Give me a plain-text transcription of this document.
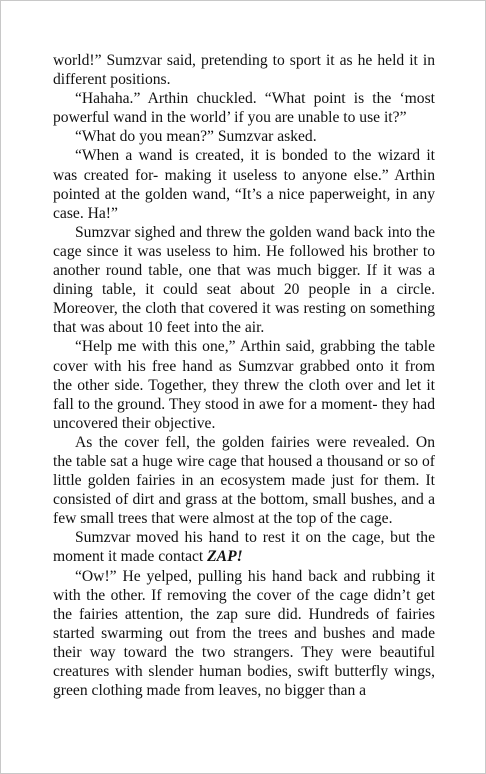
world!” Sumzvar said, pretending to sport it as he held it in different positions.

“Hahaha.” Arthin chuckled. “What point is the ‘most powerful wand in the world’ if you are unable to use it?”

“What do you mean?” Sumzvar asked.

“When a wand is created, it is bonded to the wizard it was created for- making it useless to anyone else.” Arthin pointed at the golden wand, “It’s a nice paperweight, in any case. Ha!”

Sumzvar sighed and threw the golden wand back into the cage since it was useless to him. He followed his brother to another round table, one that was much bigger. If it was a dining table, it could seat about 20 people in a circle. Moreover, the cloth that covered it was resting on something that was about 10 feet into the air.

“Help me with this one,” Arthin said, grabbing the table cover with his free hand as Sumzvar grabbed onto it from the other side. Together, they threw the cloth over and let it fall to the ground. They stood in awe for a moment- they had uncovered their objective.

As the cover fell, the golden fairies were revealed. On the table sat a huge wire cage that housed a thousand or so of little golden fairies in an ecosystem made just for them. It consisted of dirt and grass at the bottom, small bushes, and a few small trees that were almost at the top of the cage.

Sumzvar moved his hand to rest it on the cage, but the moment it made contact ZAP!

“Ow!” He yelped, pulling his hand back and rubbing it with the other. If removing the cover of the cage didn’t get the fairies attention, the zap sure did. Hundreds of fairies started swarming out from the trees and bushes and made their way toward the two strangers. They were beautiful creatures with slender human bodies, swift butterfly wings, green clothing made from leaves, no bigger than a
